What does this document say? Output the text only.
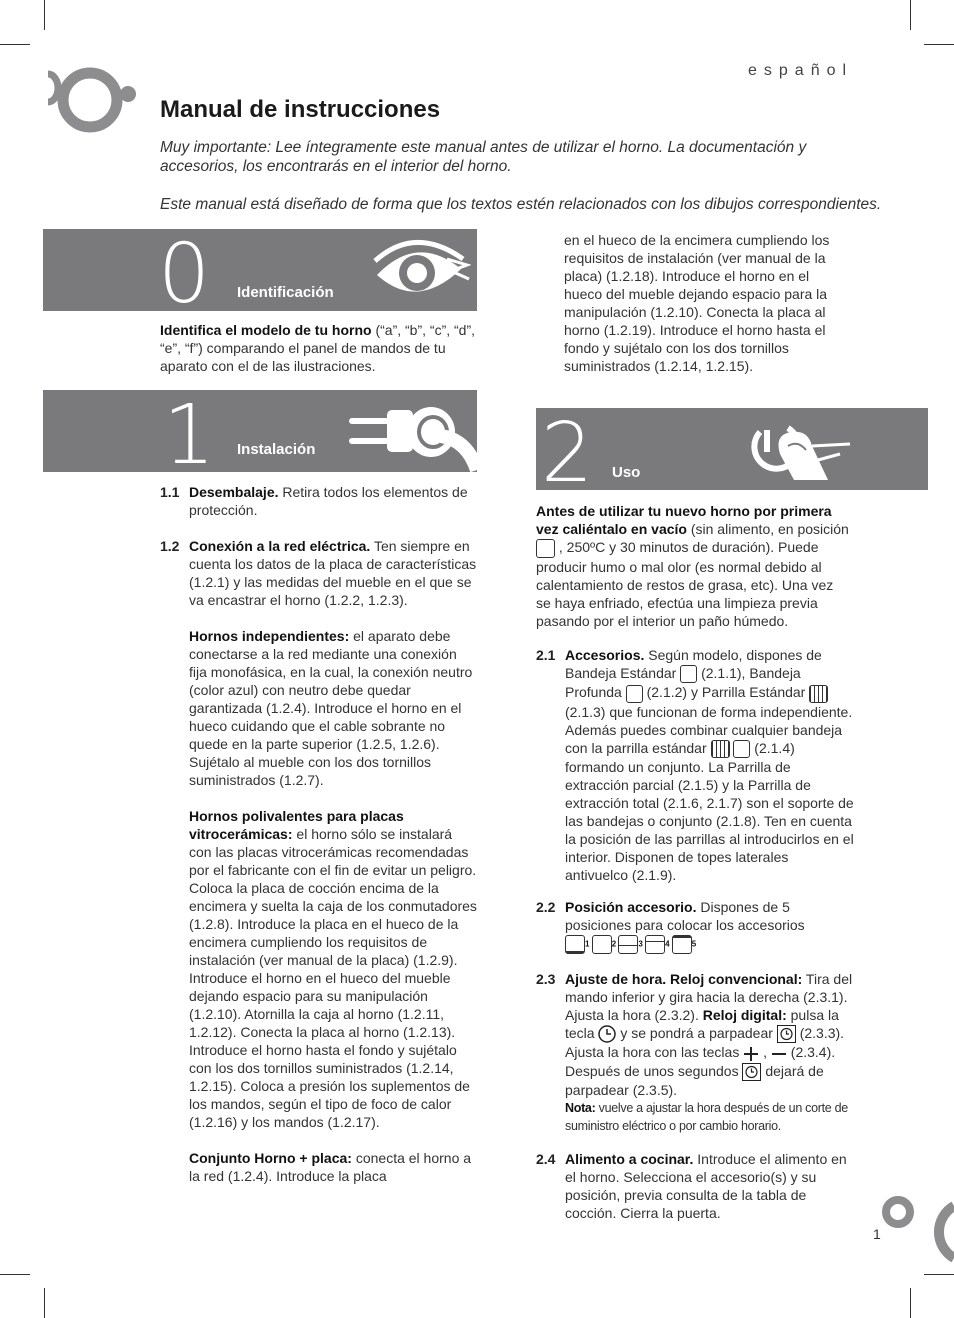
español
Manual de instrucciones

Muy importante: Lee íntegramente este manual antes de utilizar el horno. La documentación y accesorios, los encontrarás en el interior del horno.

Este manual está diseñado de forma que los textos estén relacionados con los dibujos correspondientes.

0 Identificación
Identifica el modelo de tu horno (“a”, “b”, “c”, “d”, “e”, “f”) comparando el panel de mandos de tu aparato con el de las ilustraciones.
1 Instalación
1.1 Desembalaje. Retira todos los elementos de protección.

1.2 Conexión a la red eléctrica. Ten siempre en cuenta los datos de la placa de características (1.2.1) y las medidas del mueble en el que se va encastrar el horno (1.2.2, 1.2.3).

Hornos independientes: el aparato debe conectarse a la red mediante una conexión fija monofásica, en la cual, la conexión neutro (color azul) con neutro debe quedar garantizada (1.2.4). Introduce el horno en el hueco cuidando que el cable sobrante no quede en la parte superior (1.2.5, 1.2.6). Sujétalo al mueble con los dos tornillos suministrados (1.2.7).

Hornos polivalentes para placas vitrocerámicas: el horno sólo se instalará con las placas vitrocerámicas recomendadas por el fabricante con el fin de evitar un peligro. Coloca la placa de cocción encima de la encimera y suelta la caja de los conmutadores (1.2.8). Introduce la placa en el hueco de la encimera cumpliendo los requisitos de instalación (ver manual de la placa) (1.2.9). Introduce el horno en el hueco del mueble dejando espacio para su manipulación (1.2.10). Atornilla la caja al horno (1.2.11, 1.2.12). Conecta la placa al horno (1.2.13). Introduce el horno hasta el fondo y sujétalo con los dos tornillos suministrados (1.2.14, 1.2.15). Coloca a presión los suplementos de los mandos, según el tipo de foco de calor (1.2.16) y los mandos (1.2.17).

Conjunto Horno + placa: conecta el horno a la red (1.2.4). Introduce la placa

en el hueco de la encimera cumpliendo los requisitos de instalación (ver manual de la placa) (1.2.18). Introduce el horno en el hueco del mueble dejando espacio para la manipulación (1.2.10). Conecta la placa al horno (1.2.19). Introduce el horno hasta el fondo y sujétalo con los dos tornillos suministrados (1.2.14, 1.2.15).

2 Uso
Antes de utilizar tu nuevo horno por primera vez caliéntalo en vacío (sin alimento, en posición  , 250ºC y 30 minutos de duración). Puede producir humo o mal olor (es normal debido al calentamiento de restos de grasa, etc). Una vez se haya enfriado, efectúa una limpieza previa pasando por el interior un paño húmedo.
2.1 Accesorios. Según modelo, dispones de Bandeja Estándar  (2.1.1), Bandeja Profunda  (2.1.2) y Parrilla Estándar  (2.1.3) que funcionan de forma independiente. Además puedes combinar cualquier bandeja con la parrilla estándar	(2.1.4) formando un conjunto. La Parrilla de extracción parcial (2.1.5) y la Parrilla de extracción total (2.1.6, 2.1.7) son el soporte de las bandejas o conjunto (2.1.8). Ten en cuenta la posición de las parrillas al introducirlos en el interior. Disponen de topes laterales antivuelco (2.1.9).

2.2 Posición accesorio. Dispones de 5 posiciones para colocar los accesorios

1	2	3	4	5
2.3 Ajuste de hora. Reloj convencional: Tira del mando inferior y gira hacia la derecha (2.3.1). Ajusta la hora (2.3.2). Reloj digital: pulsa la tecla  y se pondrá a parpadear  (2.3.3). Ajusta la hora con las teclas  ,  (2.3.4). Después de unos segundos  dejará de parpadear (2.3.5).

Nota: vuelve a ajustar la hora después de un corte de suministro eléctrico o por cambio horario.
2.4 Alimento a cocinar. Introduce el alimento en el horno. Selecciona el accesorio(s) y su posición, previa consulta de la tabla de cocción. Cierra la puerta.

1
